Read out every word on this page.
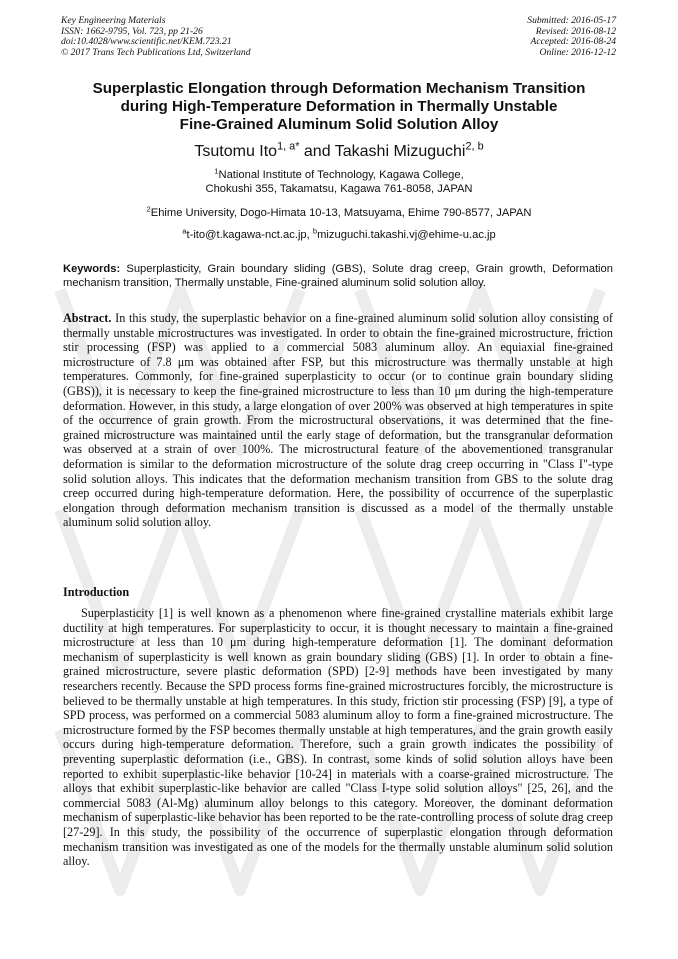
Key Engineering Materials
ISSN: 1662-9795, Vol. 723, pp 21-26
doi:10.4028/www.scientific.net/KEM.723.21
© 2017 Trans Tech Publications Ltd, Switzerland
Submitted: 2016-05-17
Revised: 2016-08-12
Accepted: 2016-08-24
Online: 2016-12-12
Superplastic Elongation through Deformation Mechanism Transition
during High-Temperature Deformation in Thermally Unstable
Fine-Grained Aluminum Solid Solution Alloy
Tsutomu Ito$^{1, a*}$ and Takashi Mizuguchi$^{2, b}$
$^1$National Institute of Technology, Kagawa College,
Chokushi 355, Takamatsu, Kagawa 761-8058, JAPAN
$^2$Ehime University, Dogo-Himata 10-13, Matsuyama, Ehime 790-8577, JAPAN
$^a$t-ito@t.kagawa-nct.ac.jp, $^b$mizuguchi.takashi.vj@ehime-u.ac.jp
Keywords: Superplasticity, Grain boundary sliding (GBS), Solute drag creep, Grain growth, Deformation mechanism transition, Thermally unstable, Fine-grained aluminum solid solution alloy.
Abstract. In this study, the superplastic behavior on a fine-grained aluminum solid solution alloy consisting of thermally unstable microstructures was investigated. In order to obtain the fine-grained microstructure, friction stir processing (FSP) was applied to a commercial 5083 aluminum alloy. An equiaxial fine-grained microstructure of 7.8 μm was obtained after FSP, but this microstructure was thermally unstable at high temperatures. Commonly, for fine-grained superplasticity to occur (or to continue grain boundary sliding (GBS)), it is necessary to keep the fine-grained microstructure to less than 10 μm during the high-temperature deformation. However, in this study, a large elongation of over 200% was observed at high temperatures in spite of the occurrence of grain growth. From the microstructural observations, it was determined that the fine-grained microstructure was maintained until the early stage of deformation, but the transgranular deformation was observed at a strain of over 100%. The microstructural feature of the abovementioned transgranular deformation is similar to the deformation microstructure of the solute drag creep occurring in "Class I"-type solid solution alloys. This indicates that the deformation mechanism transition from GBS to the solute drag creep occurred during high-temperature deformation. Here, the possibility of occurrence of the superplastic elongation through deformation mechanism transition is discussed as a model of the thermally unstable aluminum solid solution alloy.
Introduction

Superplasticity [1] is well known as a phenomenon where fine-grained crystalline materials exhibit large ductility at high temperatures. For superplasticity to occur, it is thought necessary to maintain a fine-grained microstructure at less than 10 μm during high-temperature deformation [1]. The dominant deformation mechanism of superplasticity is well known as grain boundary sliding (GBS) [1]. In order to obtain a fine-grained microstructure, severe plastic deformation (SPD) [2-9] methods have been investigated by many researchers recently. Because the SPD process forms fine-grained microstructures forcibly, the microstructure is believed to be thermally unstable at high temperatures. In this study, friction stir processing (FSP) [9], a type of SPD process, was performed on a commercial 5083 aluminum alloy to form a fine-grained microstructure. The microstructure formed by the FSP becomes thermally unstable at high temperatures, and the grain growth easily occurs during high-temperature deformation. Therefore, such a grain growth indicates the possibility of preventing superplastic deformation (i.e., GBS). In contrast, some kinds of solid solution alloys have been reported to exhibit superplastic-like behavior [10-24] in materials with a coarse-grained microstructure. The alloys that exhibit superplastic-like behavior are called "Class I-type solid solution alloys" [25, 26], and the commercial 5083 (Al-Mg) aluminum alloy belongs to this category. Moreover, the dominant deformation mechanism of superplastic-like behavior has been reported to be the rate-controlling process of solute drag creep [27-29]. In this study, the possibility of the occurrence of superplastic elongation through deformation mechanism transition was investigated as one of the models for the thermally unstable aluminum solid solution alloy.
